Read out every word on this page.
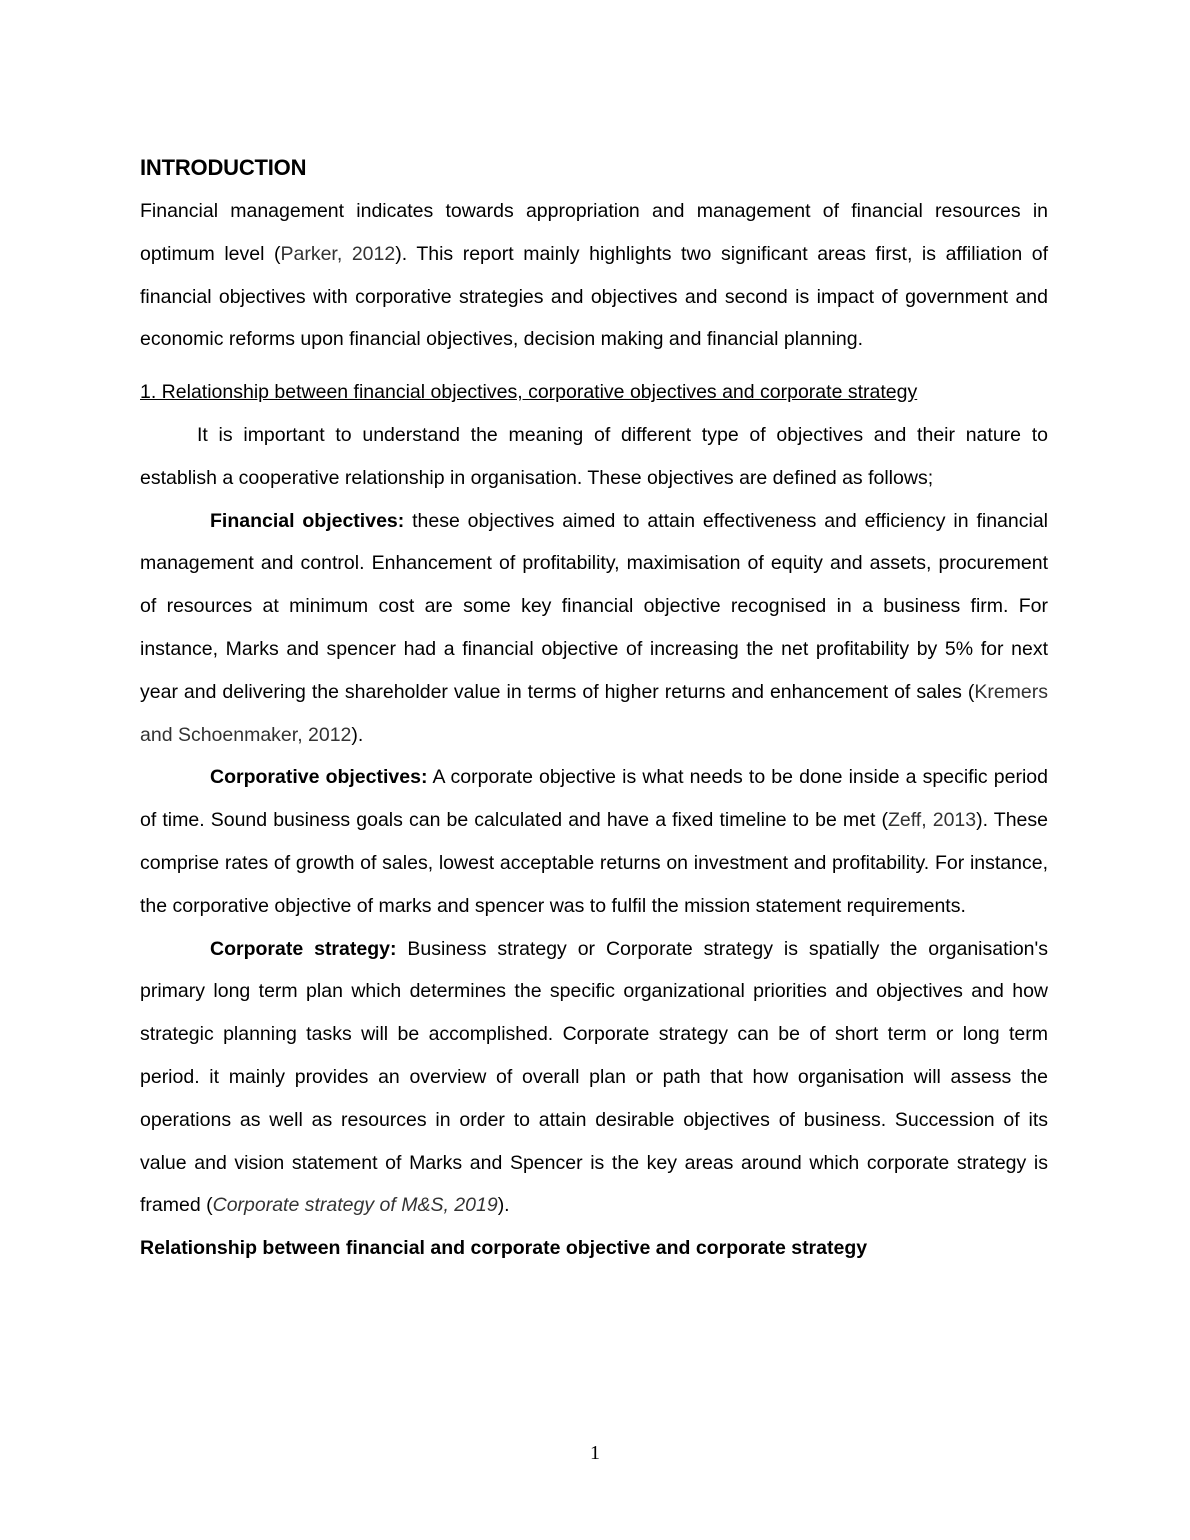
INTRODUCTION

Financial management indicates towards appropriation and management of financial resources in optimum level (Parker, 2012). This report mainly highlights two significant areas first, is affiliation of financial objectives with corporative strategies and objectives and second is impact of government and economic reforms upon financial objectives, decision making and financial planning.

1. Relationship between financial objectives, corporative objectives and corporate strategy

It is important to understand the meaning of different type of objectives and their nature to establish a cooperative relationship in organisation. These objectives are defined as follows;

Financial objectives: these objectives aimed to attain effectiveness and efficiency in financial management and control. Enhancement of profitability, maximisation of equity and assets, procurement of resources at minimum cost are some key financial objective recognised in a business firm. For instance, Marks and spencer had a financial objective of increasing the net profitability by 5% for next year and delivering the shareholder value in terms of higher returns and enhancement of sales (Kremers and Schoenmaker, 2012).

Corporative objectives: A corporate objective is what needs to be done inside a specific period of time. Sound business goals can be calculated and have a fixed timeline to be met (Zeff, 2013). These comprise rates of growth of sales, lowest acceptable returns on investment and profitability. For instance, the corporative objective of marks and spencer was to fulfil the mission statement requirements.

Corporate strategy: Business strategy or Corporate strategy is spatially the organisation's primary long term plan which determines the specific organizational priorities and objectives and how strategic planning tasks will be accomplished. Corporate strategy can be of short term or long term period. it mainly provides an overview of overall plan or path that how organisation will assess the operations as well as resources in order to attain desirable objectives of business. Succession of its value and vision statement of Marks and Spencer is the key areas around which corporate strategy is framed (Corporate strategy of M&S, 2019).

Relationship between financial and corporate objective and corporate strategy
1
